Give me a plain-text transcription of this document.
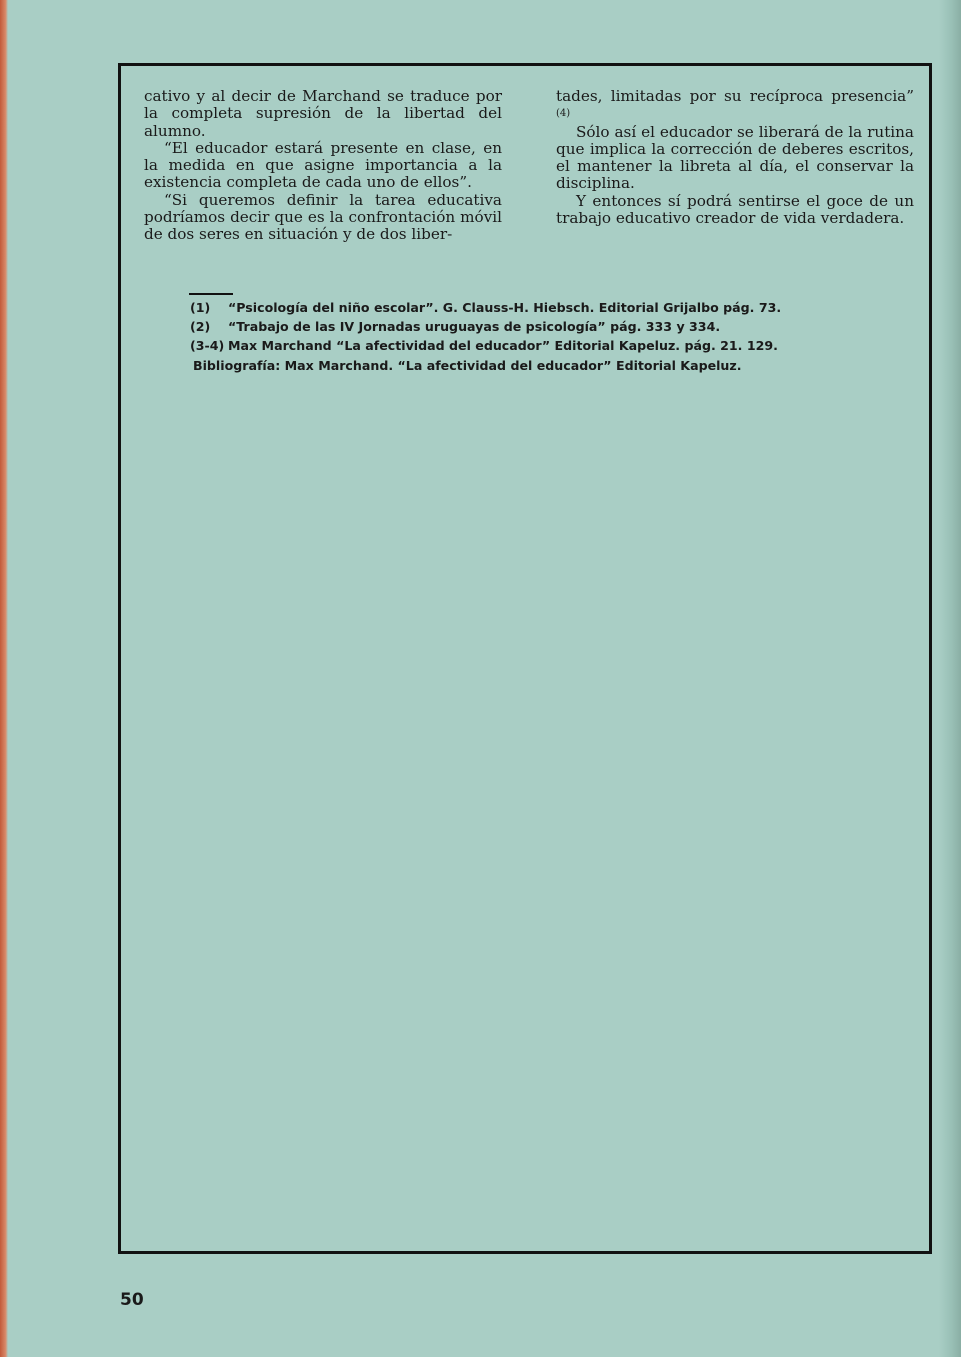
cativo y al decir de Marchand se traduce por la completa supresión de la libertad del alumno.

“El educador estará presente en clase, en la medida en que asigne importancia a la existencia completa de cada uno de ellos”.

“Si queremos definir la tarea educativa podríamos decir que es la confrontación móvil de dos seres en situación y de dos liber-

tades, limitadas por su recíproca presencia” $^{(4)}$

Sólo así el educador se liberará de la rutina que implica la corrección de deberes escritos, el mantener la libreta al día, el conservar la disciplina.

Y entonces sí podrá sentirse el goce de un trabajo educativo creador de vida verdadera.

(1)	“Psicología del niño escolar”. G. Clauss-H. Hiebsch. Editorial Grijalbo pág. 73.
(2)	“Trabajo de las IV Jornadas uruguayas de psicología” pág. 333 y 334.
(3-4) Max Marchand “La afectividad del educador” Editorial Kapeluz. pág. 21. 129.
Bibliografía: Max Marchand. “La afectividad del educador” Editorial Kapeluz.
50
